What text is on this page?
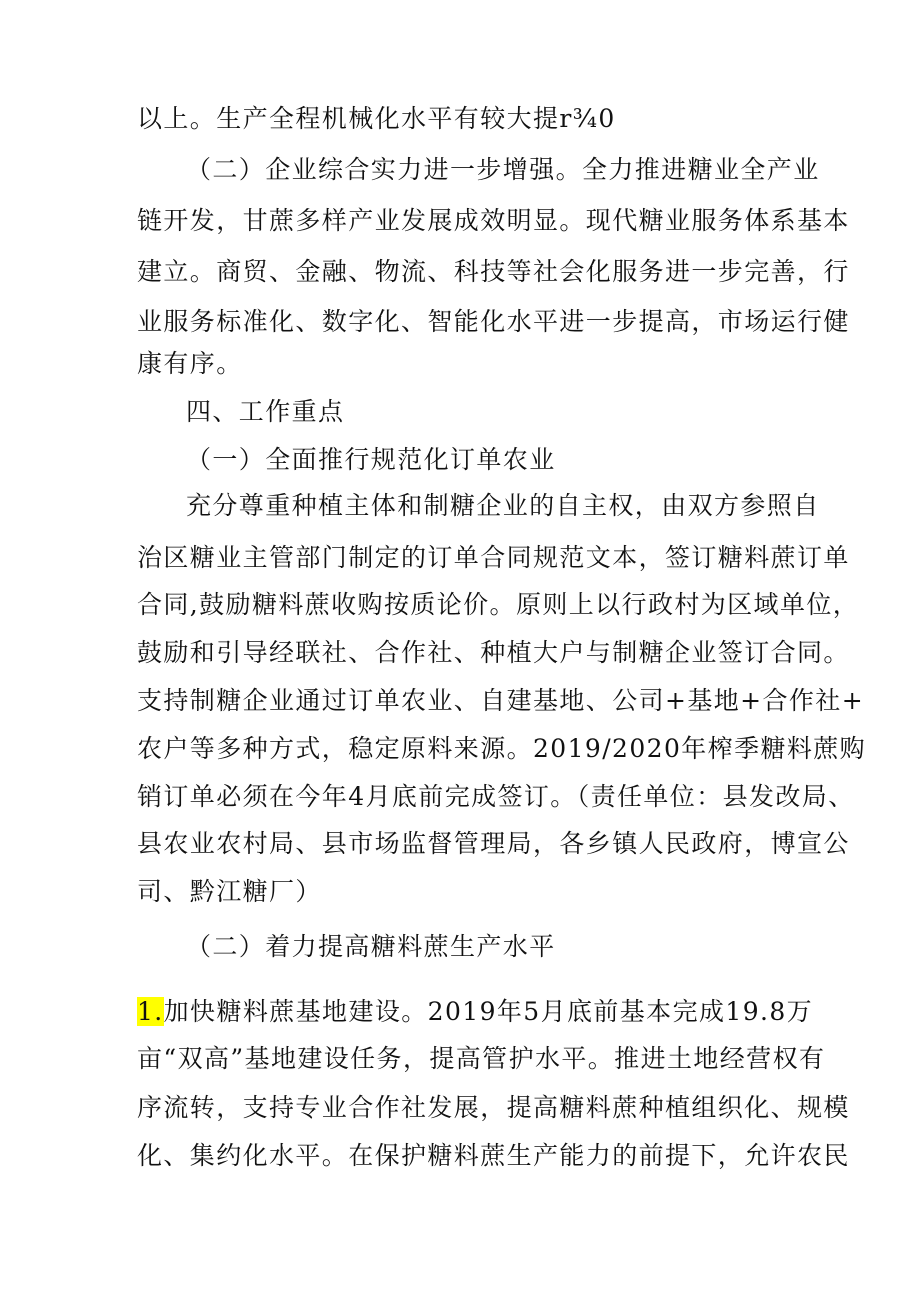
以上。生产全程机械化水平有较大提r¾0
（二）企业综合实力进一步增强。全力推进糖业全产业
链开发，甘蔗多样产业发展成效明显。现代糖业服务体系基本
建立。商贸、金融、物流、科技等社会化服务进一步完善，行
业服务标准化、数字化、智能化水平进一步提高，市场运行健
康有序。
四、工作重点
（一）全面推行规范化订单农业
充分尊重种植主体和制糖企业的自主权，由双方参照自
治区糖业主管部门制定的订单合同规范文本，签订糖料蔗订单
合同,鼓励糖料蔗收购按质论价。原则上以行政村为区域单位，
鼓励和引导经联社、合作社、种植大户与制糖企业签订合同。
支持制糖企业通过订单农业、自建基地、公司+基地+合作社+
农户等多种方式，稳定原料来源。2019/2020年榨季糖料蔗购
销订单必须在今年4月底前完成签订。（责任单位：县发改局、
县农业农村局、县市场监督管理局，各乡镇人民政府，博宣公
司、黔江糖厂）
（二）着力提高糖料蔗生产水平
1.加快糖料蔗基地建设。2019年5月底前基本完成19.8万
亩“双高”基地建设任务，提高管护水平。推进土地经营权有
序流转，支持专业合作社发展，提高糖料蔗种植组织化、规模
化、集约化水平。在保护糖料蔗生产能力的前提下，允许农民
